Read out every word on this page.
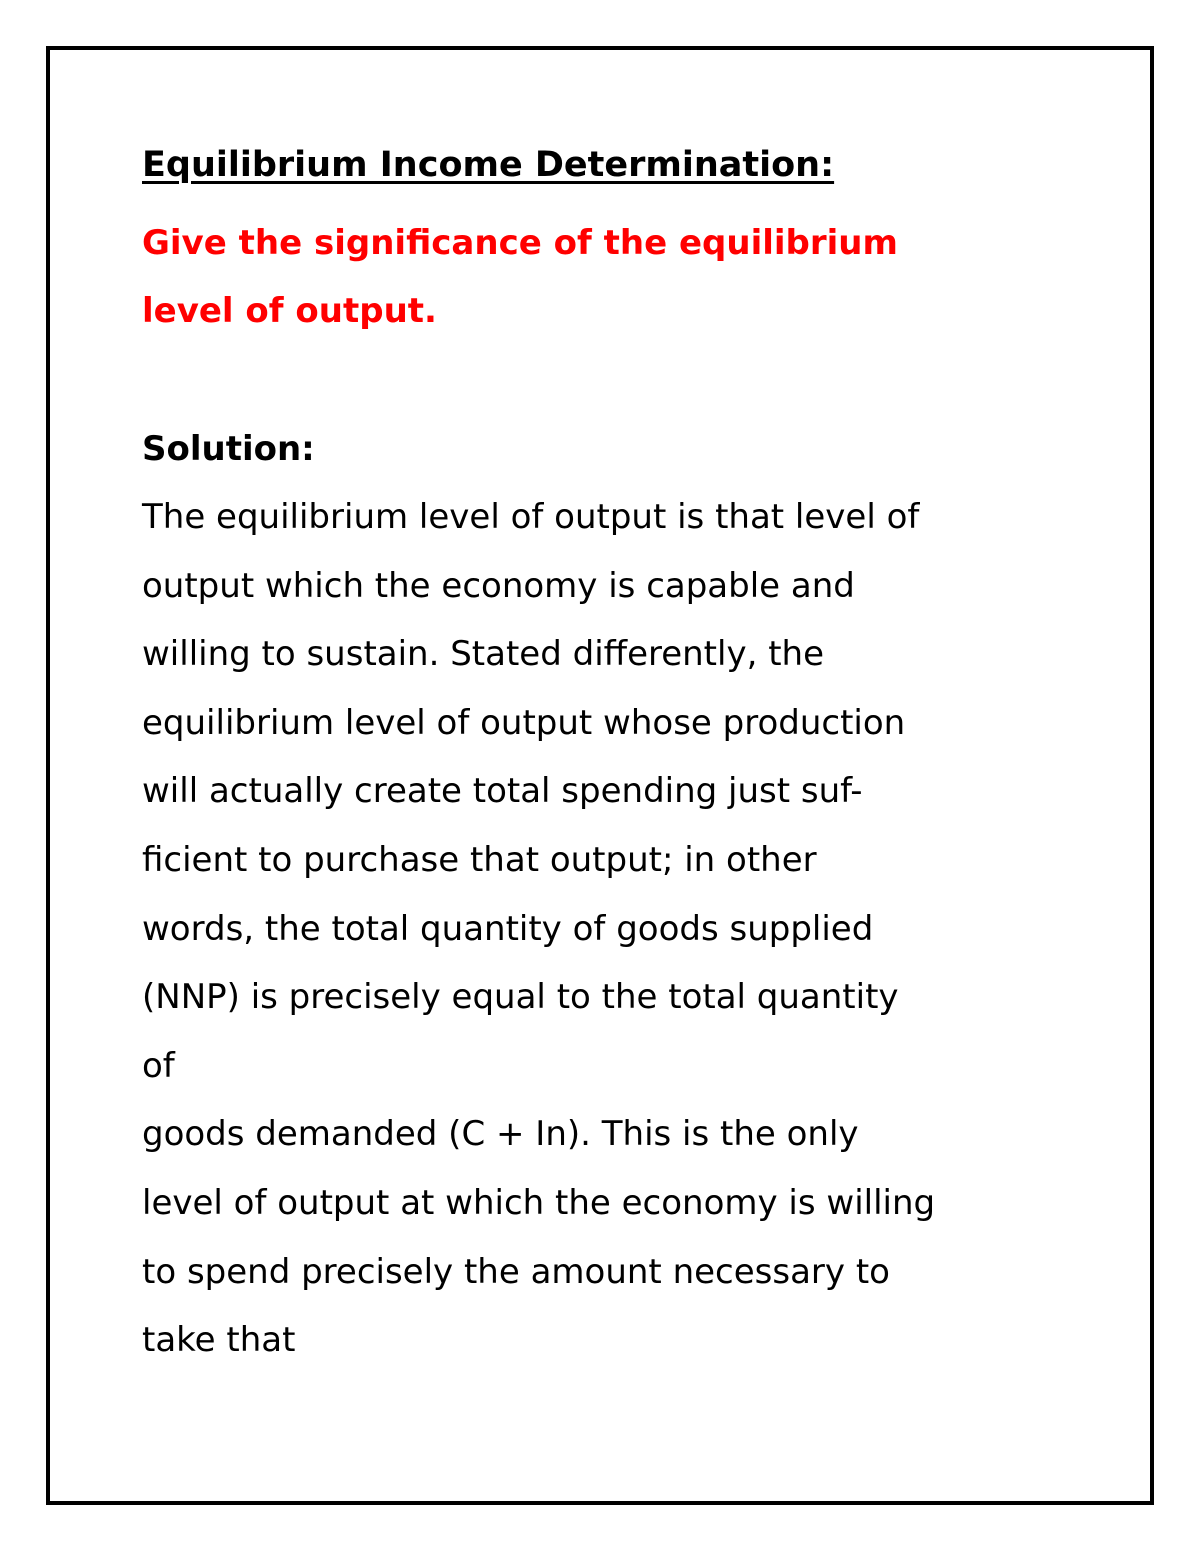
Equilibrium Income Determination:
Give the significance of the equilibrium
level of output.
Solution:
The equilibrium level of output is that level of
output which the economy is capable and
willing to sustain. Stated differently, the
equilibrium level of output whose production
will actually create total spending just suf-
ficient to purchase that output; in other
words, the total quantity of goods supplied
(NNP) is precisely equal to the total quantity
of
goods demanded (C + In). This is the only
level of output at which the economy is willing
to spend precisely the amount necessary to
take that
